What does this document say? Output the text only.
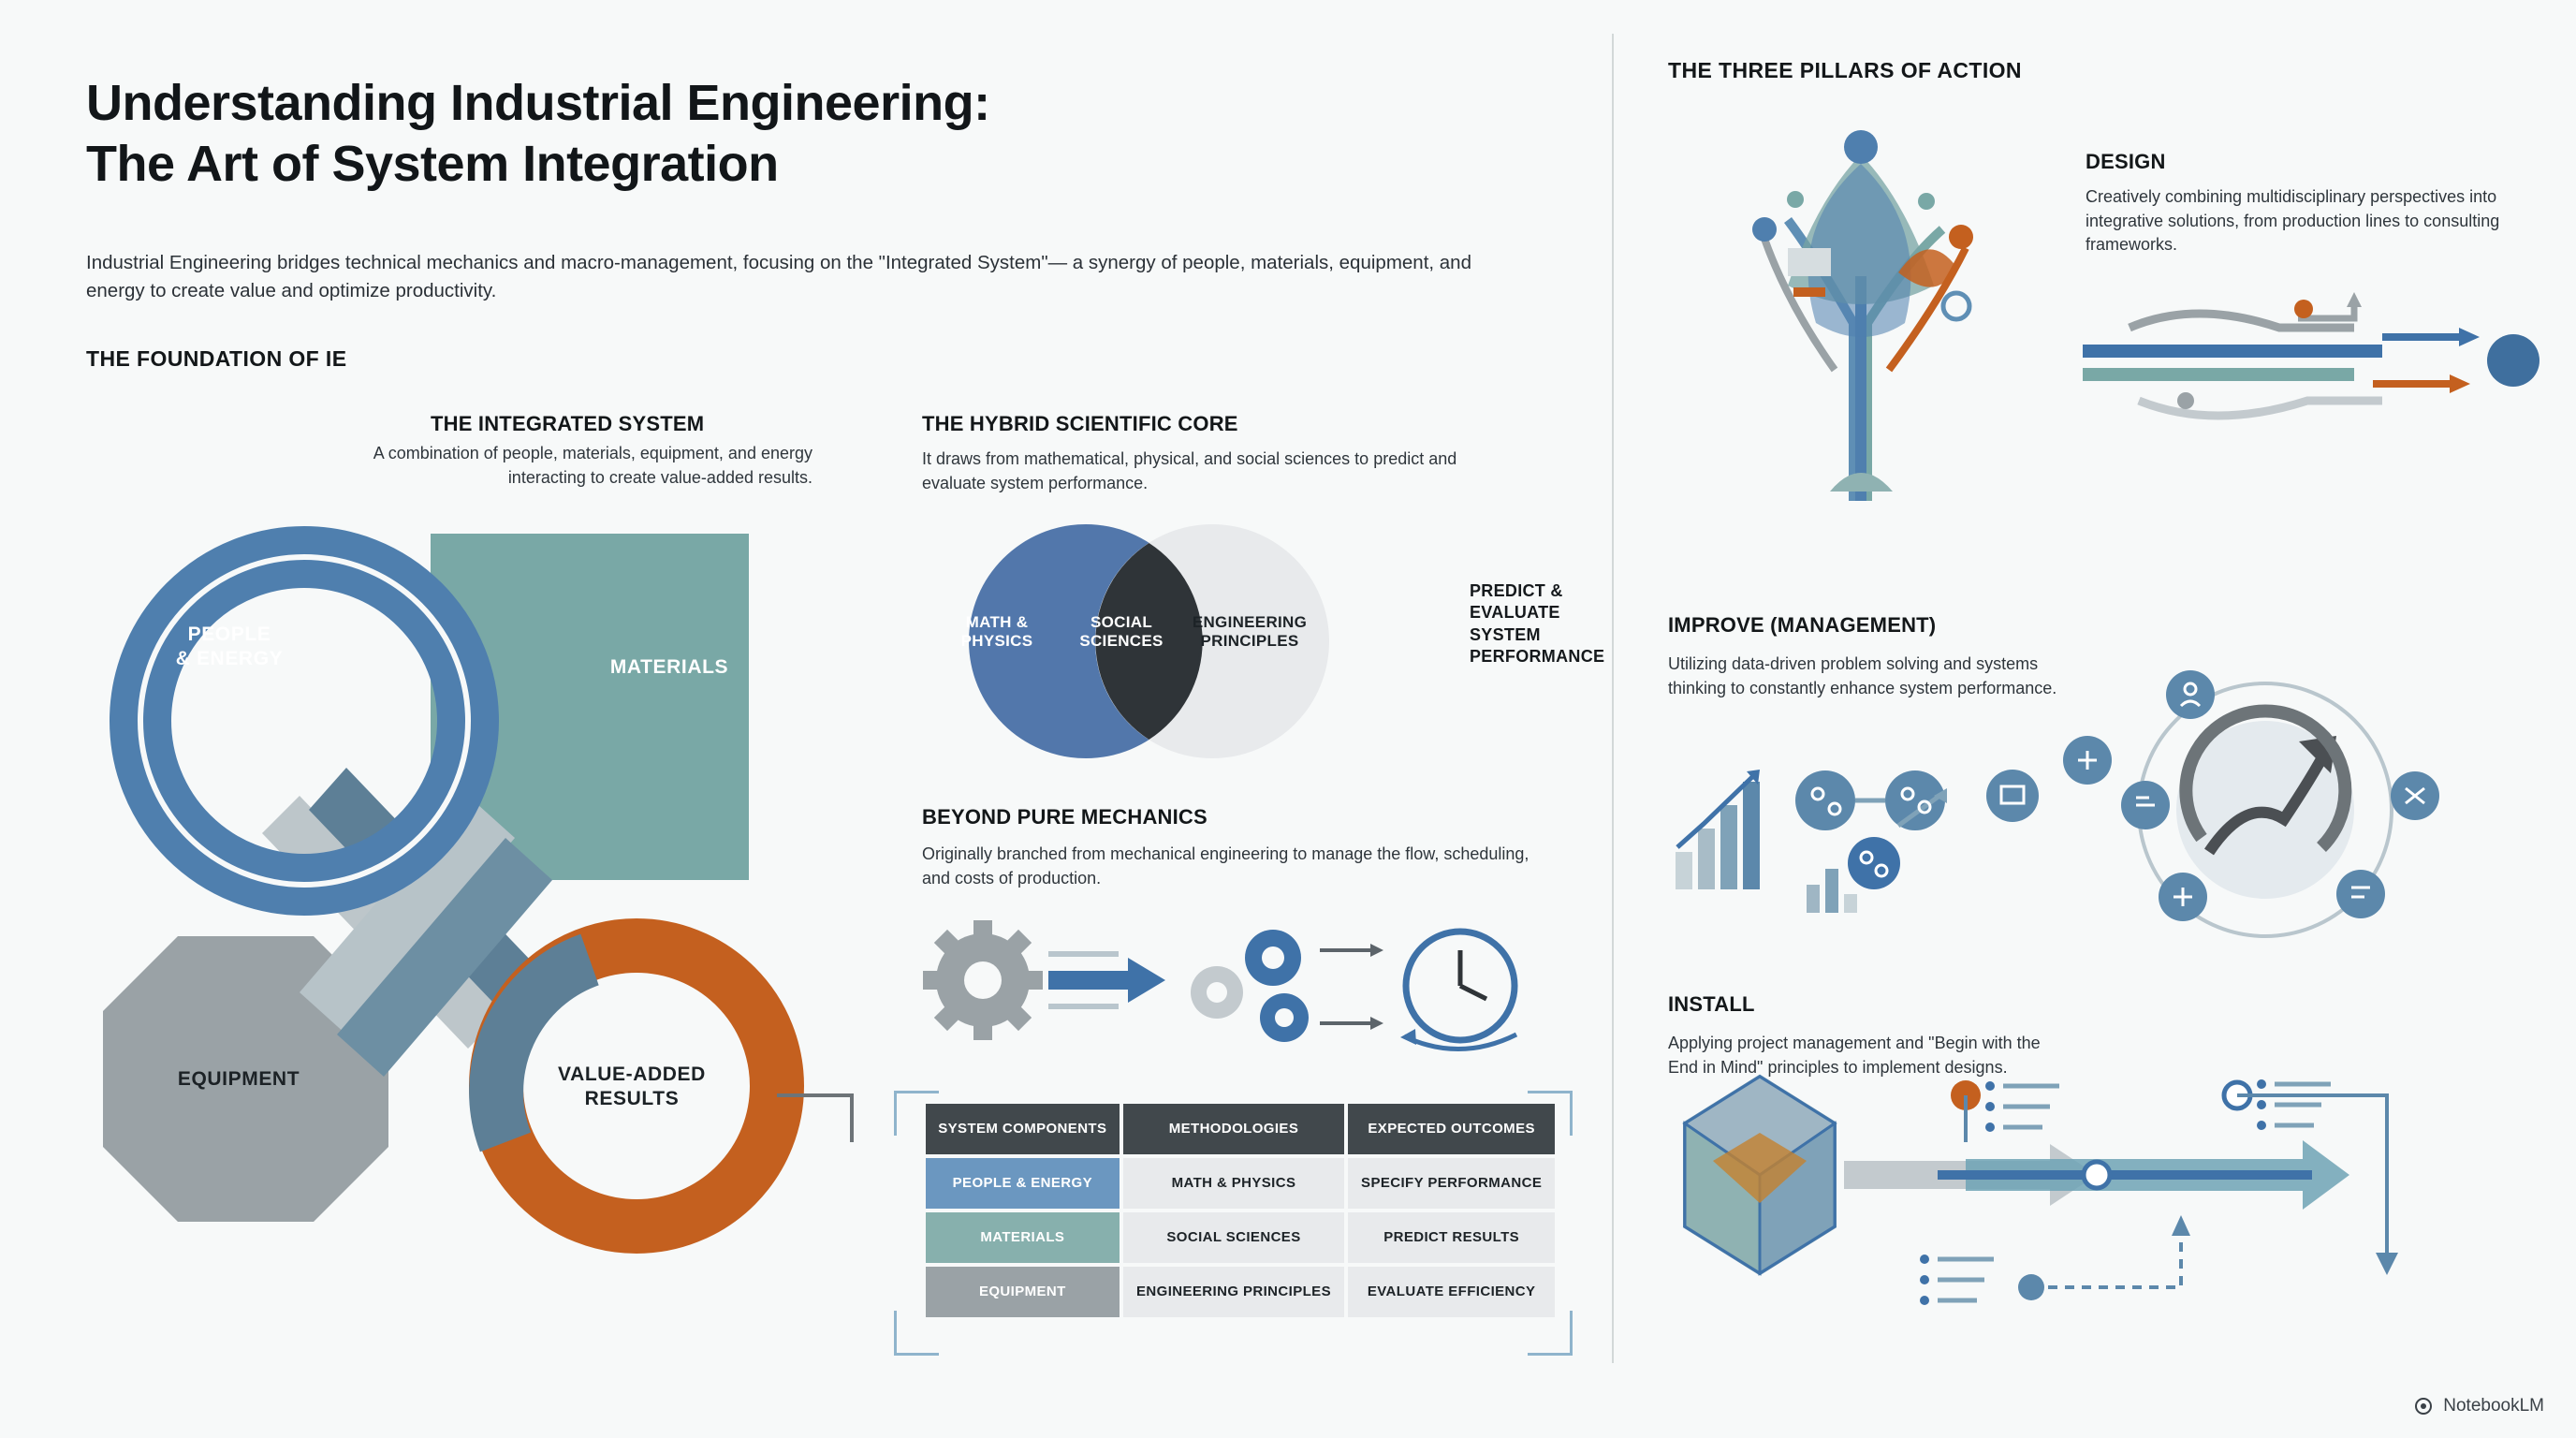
Understanding Industrial Engineering:
The Art of System Integration

Industrial Engineering bridges technical mechanics and macro-management, focusing on the "Integrated System"— a synergy of people, materials, equipment, and energy to create value and optimize productivity.

THE FOUNDATION OF IE
THE INTEGRATED SYSTEM
A combination of people, materials, equipment, and energy interacting to create value-added results.
PEOPLE
& ENERGY	MATERIALS
EQUIPMENT	VALUE-ADDED
RESULTS
THE HYBRID SCIENTIFIC CORE
It draws from mathematical, physical, and social sciences to predict and evaluate system performance.
MATH &
PHYSICS
SOCIAL
SCIENCES
ENGINEERING
PRINCIPLES
PREDICT &
EVALUATE
SYSTEM
PERFORMANCE
BEYOND PURE MECHANICS
Originally branched from mechanical engineering to manage the flow, scheduling, and costs of production.
SYSTEM COMPONENTS	METHODOLOGIES	EXPECTED OUTCOMES
PEOPLE & ENERGY	MATH & PHYSICS	SPECIFY PERFORMANCE
MATERIALS	SOCIAL SCIENCES	PREDICT RESULTS
EQUIPMENT	ENGINEERING PRINCIPLES	EVALUATE EFFICIENCY
THE THREE PILLARS OF ACTION
DESIGN
Creatively combining multidisciplinary perspectives into integrative solutions, from production lines to consulting frameworks.
IMPROVE (MANAGEMENT)
Utilizing data-driven problem solving and systems thinking to constantly enhance system performance.
INSTALL
Applying project management and "Begin with the End in Mind" principles to implement designs.
NotebookLM
